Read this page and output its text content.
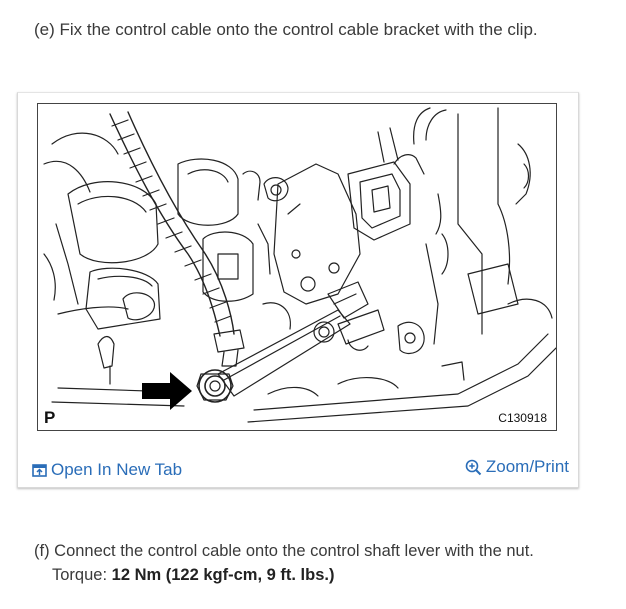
(e) Fix the control cable onto the control cable bracket with the clip.

P	C130918
Open In New Tab	Zoom/Print

(f) Connect the control cable onto the control shaft lever with the nut.

Torque: 12 Nm (122 kgf-cm, 9 ft. lbs.)
